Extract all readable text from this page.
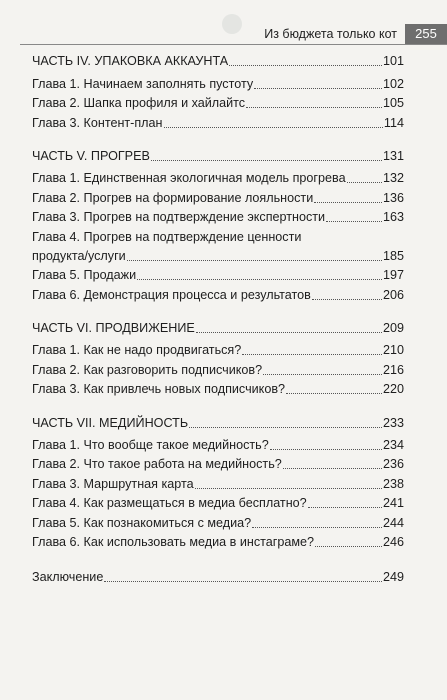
Из бюджета только кот	255
ЧАСТЬ IV. УПАКОВКА АККАУНТА	101
Глава 1. Начинаем заполнять пустоту	102
Глава 2. Шапка профиля и хайлайтс	105
Глава 3. Контент-план	114
ЧАСТЬ V. ПРОГРЕВ	131
Глава 1. Единственная экологичная модель прогрева	132
Глава 2. Прогрев на формирование лояльности	136
Глава 3. Прогрев на подтверждение экспертности	163
Глава 4. Прогрев на подтверждение ценности
продукта/услуги	185
Глава 5. Продажи	197
Глава 6. Демонстрация процесса и результатов	206
ЧАСТЬ VI. ПРОДВИЖЕНИЕ	209
Глава 1. Как не надо продвигаться?	210
Глава 2. Как разговорить подписчиков?	216
Глава 3. Как привлечь новых подписчиков?	220
ЧАСТЬ VII. МЕДИЙНОСТЬ	233
Глава 1. Что вообще такое медийность?	234
Глава 2. Что такое работа на медийность?	236
Глава 3. Маршрутная карта	238
Глава 4. Как размещаться в медиа бесплатно?	241
Глава 5. Как познакомиться с медиа?	244
Глава 6. Как использовать медиа в инстаграме?	246
Заключение	249
